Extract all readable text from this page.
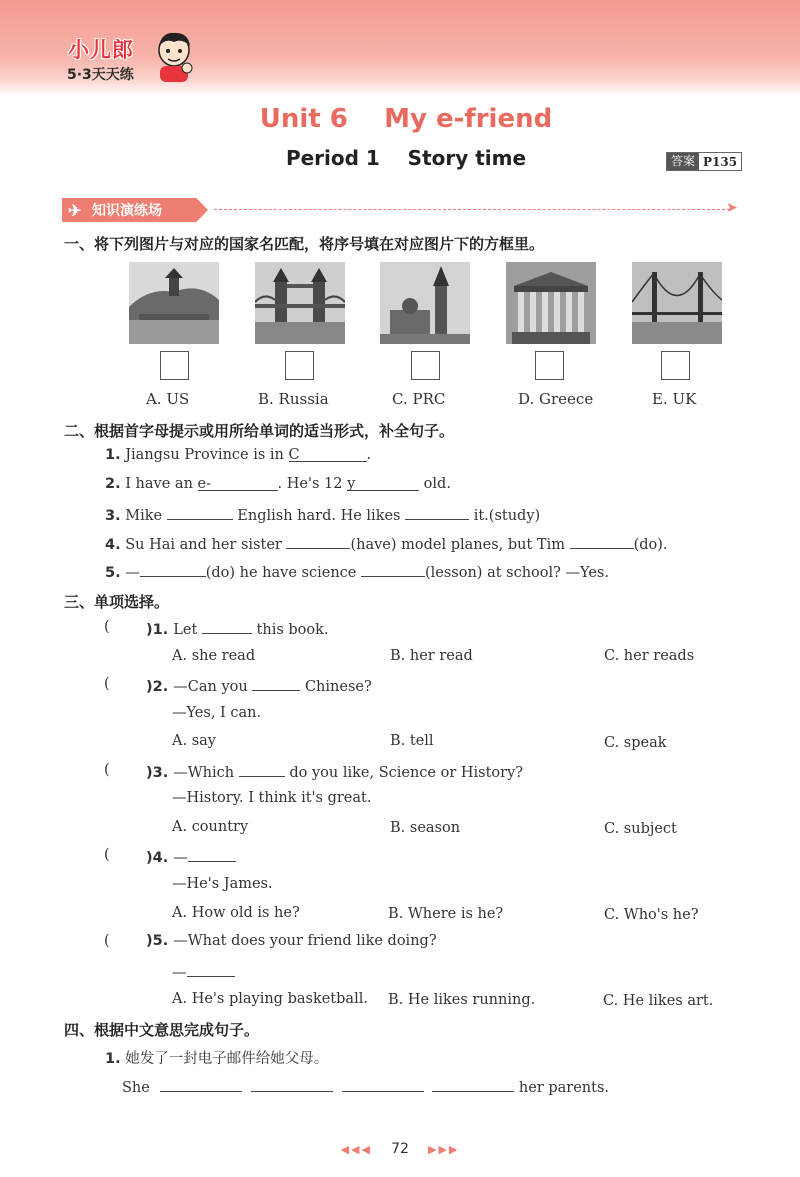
小儿郎
5·3天天练
Unit 6    My e-friend
Period 1    Story time	答案 P135
✈ 知识演练场	➤
一、将下列图片与对应的国家名匹配，将序号填在对应图片下的方框里。
A. US	B. Russia	C. PRC	D. Greece	E. UK
二、根据首字母提示或用所给单词的适当形式，补全句子。
1. Jiangsu Province is in C	.
2. I have an e-	. He's 12 y	old.
3. Mike	English hard. He likes	it.(study)
4. Su Hai and her sister	(have) model planes, but Tim	(do).
5. —	(do) he have science	(lesson) at school? —Yes.
三、单项选择。
( )1. Let	this book.
A. she read	B. her read	C. her reads
( )2. —Can you	Chinese?
—Yes, I can.
A. say	B. tell	C. speak
( )3. —Which	do you like, Science or History?
—History. I think it's great.
A. country	B. season	C. subject
( )4. —
—He's James.
A. How old is he?	B. Where is he?	C. Who's he?
( )5. —What does your friend like doing?
—
A. He's playing basketball. B. He likes running.	C. He likes art.
四、根据中文意思完成句子。
1. 她发了一封电子邮件给她父母。
She	her parents.
◀◀◀ 72 ▶▶▶
